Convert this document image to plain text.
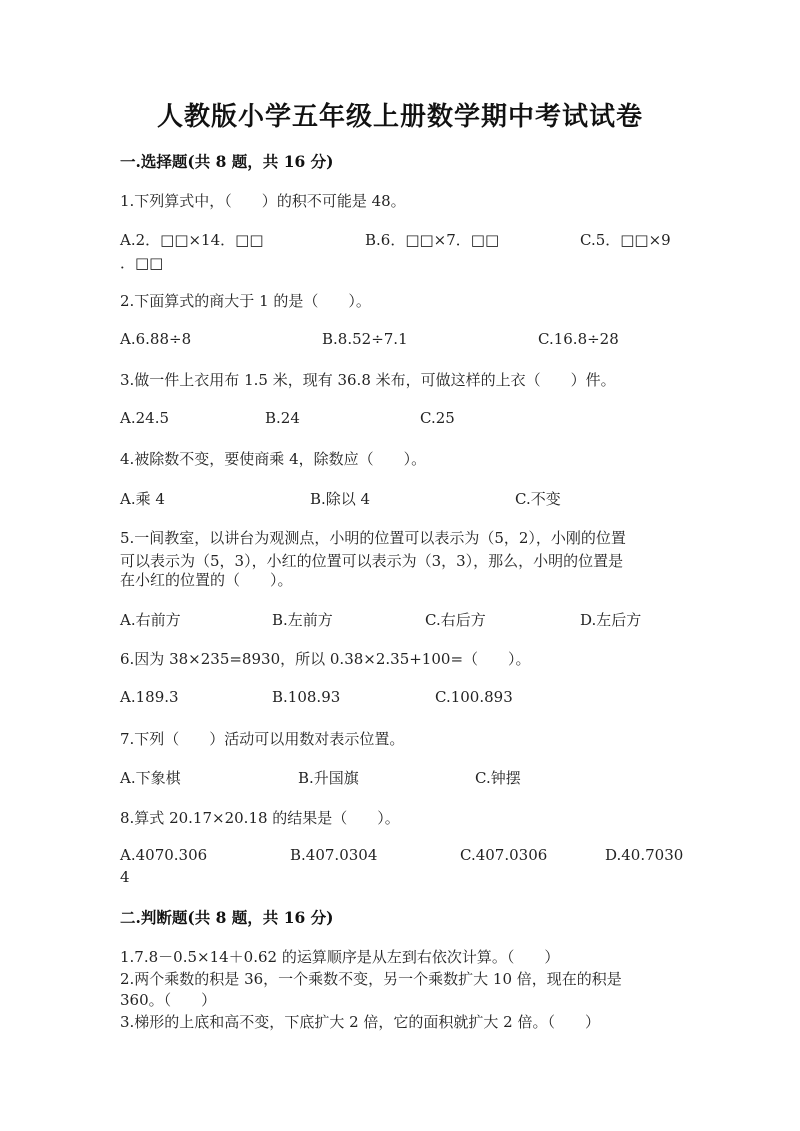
人教版小学五年级上册数学期中考试试卷
一.选择题(共 8 题，共 16 分)
1.下列算式中，（　　）的积不可能是 48。
A.2．□□×14．□□	B.6．□□×7．□□	C.5．□□×9
．□□
2.下面算式的商大于 1 的是（　　）。
A.6.88÷8	B.8.52÷7.1	C.16.8÷28
3.做一件上衣用布 1.5 米，现有 36.8 米布，可做这样的上衣（　　）件。
A.24.5	B.24	C.25
4.被除数不变，要使商乘 4，除数应（　　）。
A.乘 4	B.除以 4	C.不变
5.一间教室，以讲台为观测点，小明的位置可以表示为（5，2），小刚的位置
可以表示为（5，3），小红的位置可以表示为（3，3），那么，小明的位置是
在小红的位置的（　　）。
A.右前方	B.左前方	C.右后方	D.左后方
6.因为 38×235=8930，所以 0.38×2.35+100=（　　）。
A.189.3	B.108.93	C.100.893
7.下列（　　）活动可以用数对表示位置。
A.下象棋	B.升国旗	C.钟摆
8.算式 20.17×20.18 的结果是（　　）。
A.4070.306	B.407.0304	C.407.0306	D.40.7030
4
二.判断题(共 8 题，共 16 分)
1.7.8－0.5×14＋0.62 的运算顺序是从左到右依次计算。（　　）
2.两个乘数的积是 36，一个乘数不变，另一个乘数扩大 10 倍，现在的积是
360。（　　）
3.梯形的上底和高不变，下底扩大 2 倍，它的面积就扩大 2 倍。（　　）
